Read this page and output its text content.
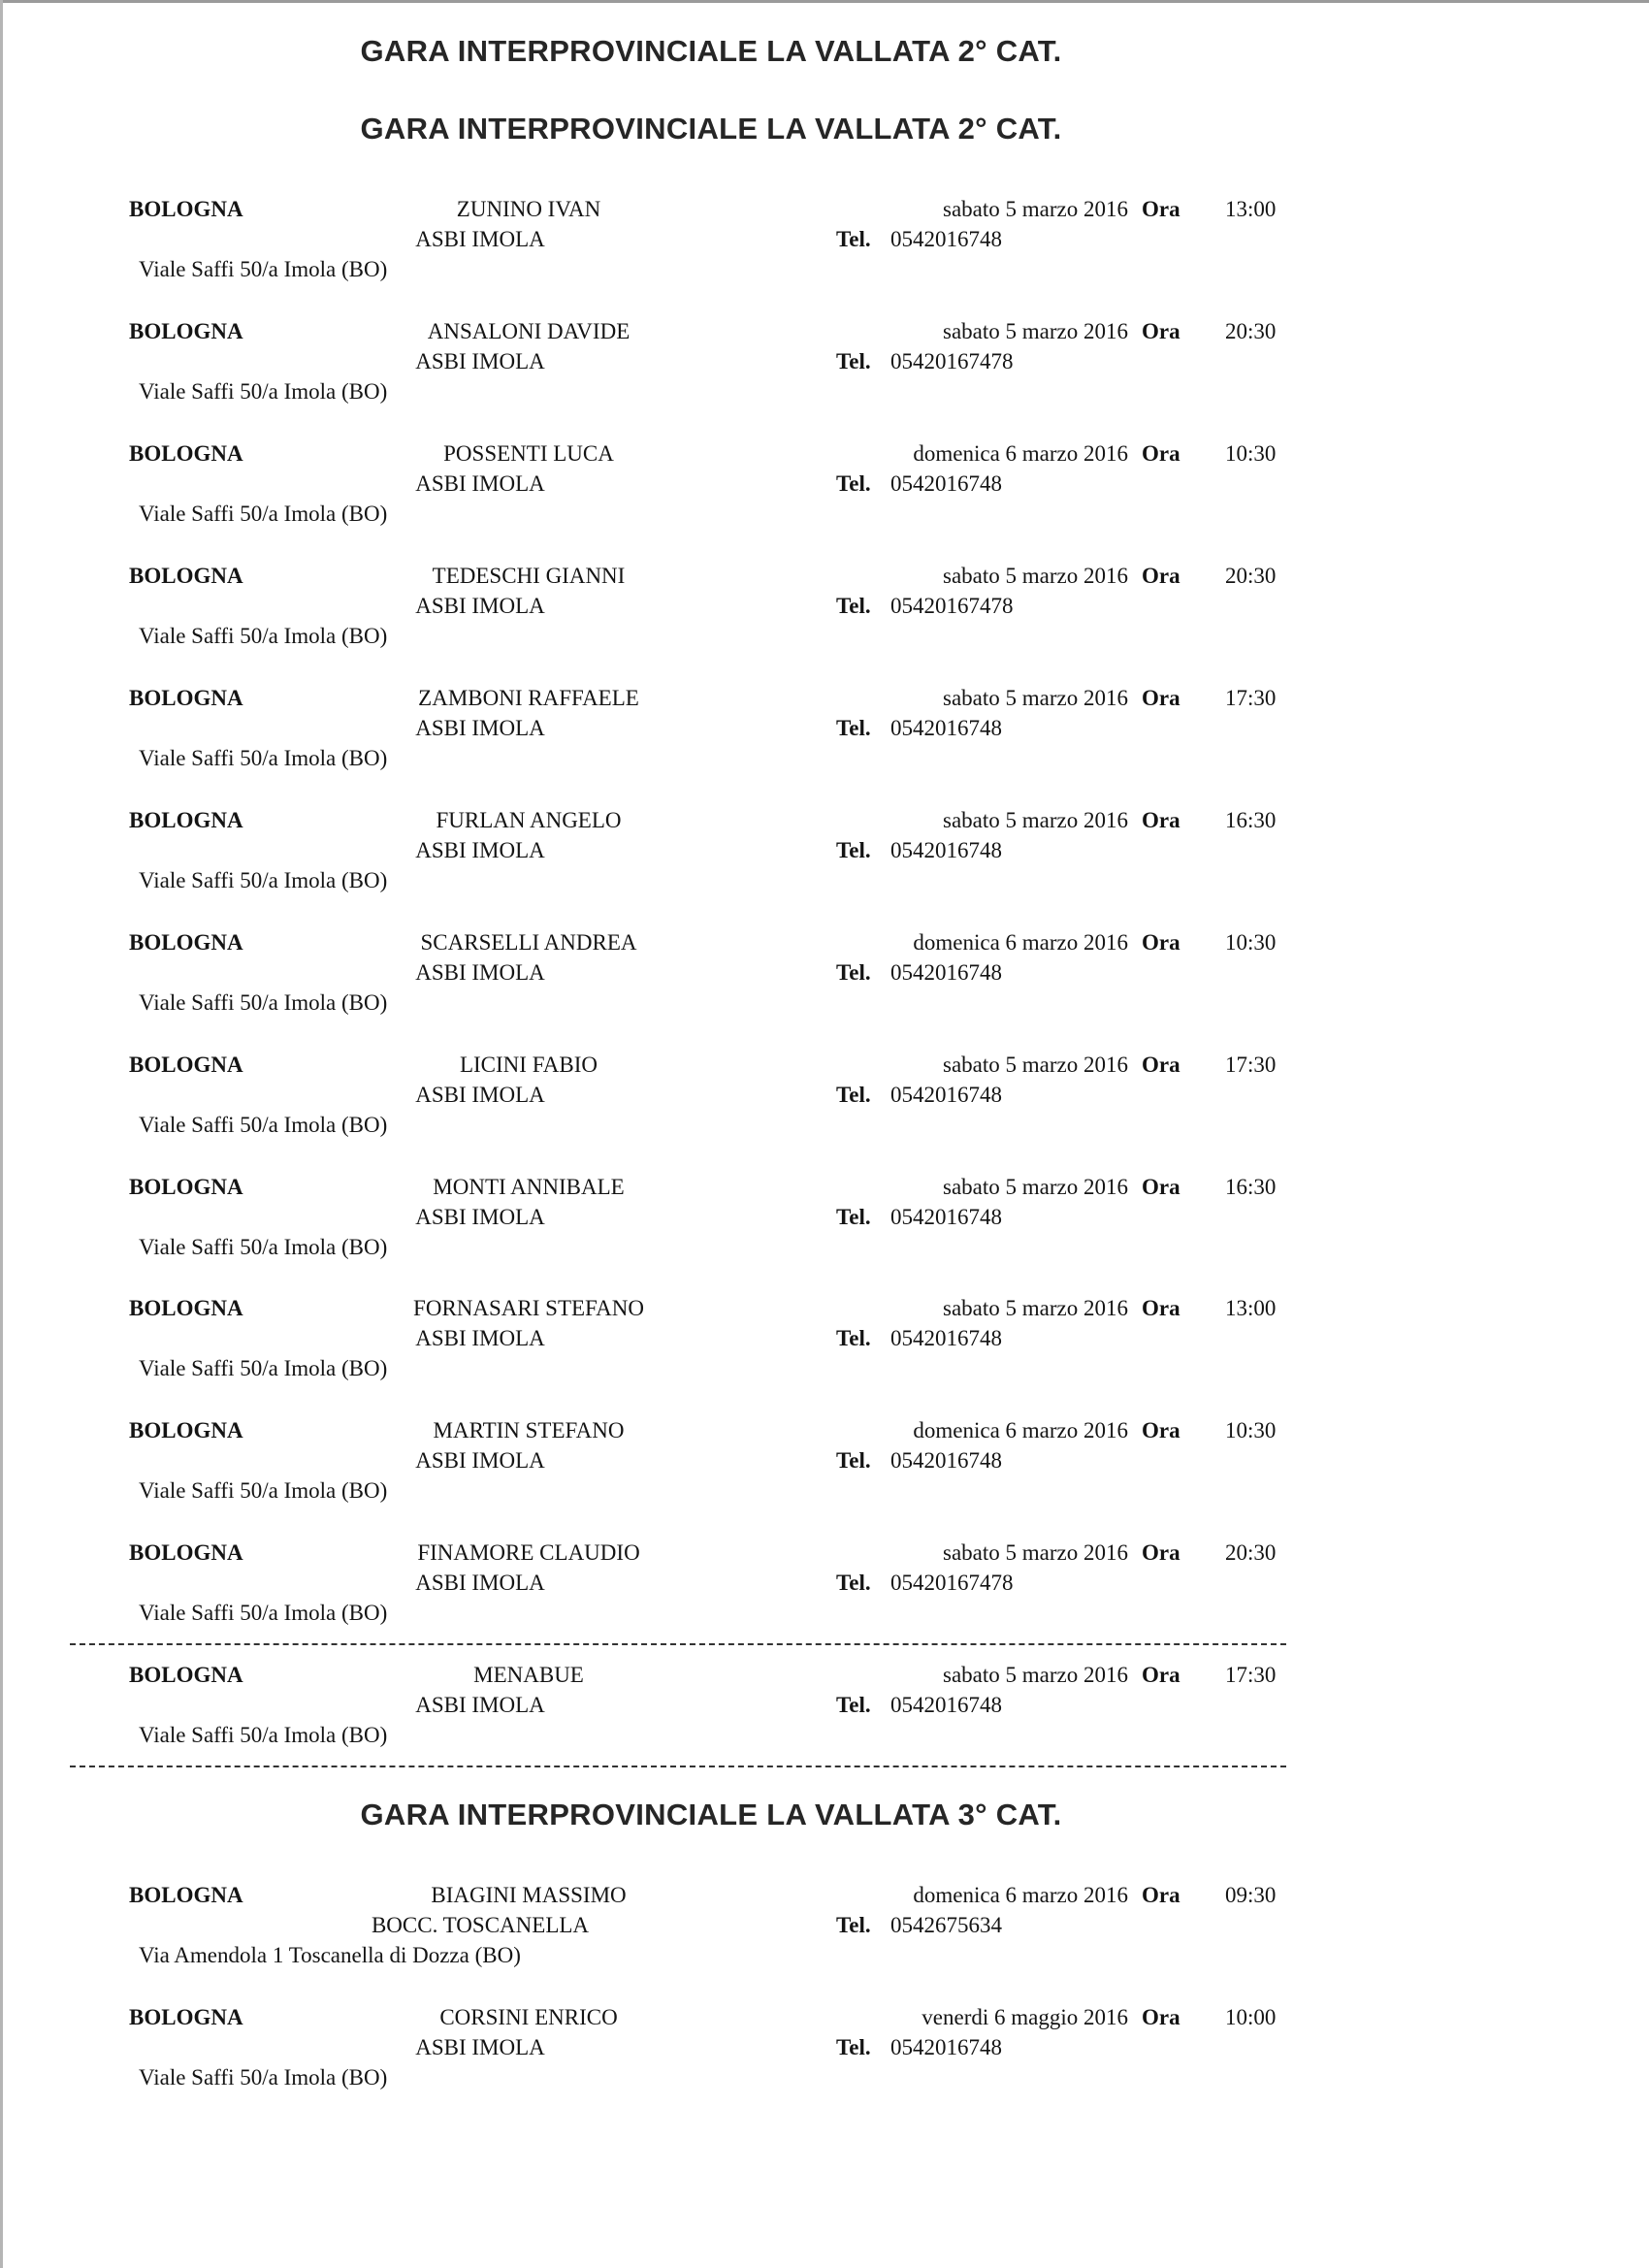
GARA INTERPROVINCIALE LA VALLATA 2° CAT.
GARA INTERPROVINCIALE LA VALLATA 2° CAT.
BOLOGNA	ZUNINO IVAN
ASBI IMOLA
sabato 5 marzo 2016 Ora 13:00
Tel. 0542016748
Viale Saffi 50/a Imola (BO)
BOLOGNA	ANSALONI DAVIDE
ASBI IMOLA
sabato 5 marzo 2016 Ora 20:30
Tel. 05420167478
Viale Saffi 50/a Imola (BO)
BOLOGNA	POSSENTI LUCA
ASBI IMOLA
domenica 6 marzo 2016 Ora 10:30
Tel. 0542016748
Viale Saffi 50/a Imola (BO)
BOLOGNA	TEDESCHI GIANNI
ASBI IMOLA
sabato 5 marzo 2016 Ora 20:30
Tel. 05420167478
Viale Saffi 50/a Imola (BO)
BOLOGNA	ZAMBONI RAFFAELE
ASBI IMOLA
sabato 5 marzo 2016 Ora 17:30
Tel. 0542016748
Viale Saffi 50/a Imola (BO)
BOLOGNA	FURLAN ANGELO
ASBI IMOLA
sabato 5 marzo 2016 Ora 16:30
Tel. 0542016748
Viale Saffi 50/a Imola (BO)
BOLOGNA	SCARSELLI ANDREA
ASBI IMOLA
domenica 6 marzo 2016 Ora 10:30
Tel. 0542016748
Viale Saffi 50/a Imola (BO)
BOLOGNA	LICINI FABIO
ASBI IMOLA
sabato 5 marzo 2016 Ora 17:30
Tel. 0542016748
Viale Saffi 50/a Imola (BO)
BOLOGNA	MONTI ANNIBALE
ASBI IMOLA
sabato 5 marzo 2016 Ora 16:30
Tel. 0542016748
Viale Saffi 50/a Imola (BO)
BOLOGNA	FORNASARI STEFANO
ASBI IMOLA
sabato 5 marzo 2016 Ora 13:00
Tel. 0542016748
Viale Saffi 50/a Imola (BO)
BOLOGNA	MARTIN STEFANO
ASBI IMOLA
domenica 6 marzo 2016 Ora 10:30
Tel. 0542016748
Viale Saffi 50/a Imola (BO)
BOLOGNA	FINAMORE CLAUDIO
ASBI IMOLA
sabato 5 marzo 2016 Ora 20:30
Tel. 05420167478
Viale Saffi 50/a Imola (BO)
BOLOGNA	MENABUE
ASBI IMOLA
sabato 5 marzo 2016 Ora 17:30
Tel. 0542016748
Viale Saffi 50/a Imola (BO)
GARA INTERPROVINCIALE LA VALLATA 3° CAT.
BOLOGNA	BIAGINI MASSIMO
BOCC. TOSCANELLA
domenica 6 marzo 2016 Ora 09:30
Tel. 0542675634
Via Amendola 1 Toscanella di Dozza (BO)
BOLOGNA	CORSINI ENRICO
ASBI IMOLA
venerdi 6 maggio 2016 Ora 10:00
Tel. 0542016748
Viale Saffi 50/a Imola (BO)
